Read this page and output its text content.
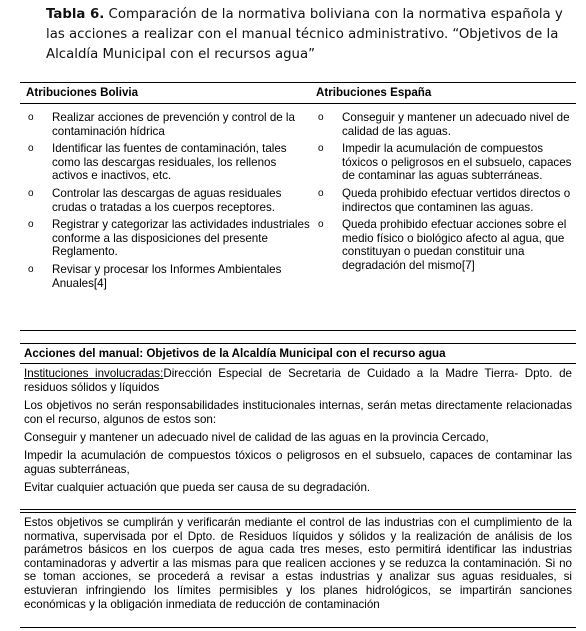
Tabla 6. Comparación de la normativa boliviana con la normativa española y las acciones a realizar con el manual técnico administrativo. “Objetivos de la Alcaldía Municipal con el recursos agua”
Atribuciones Bolivia	Atribuciones España
o Realizar acciones de prevención y control de la contaminación hídrica
o Identificar las fuentes de contaminación, tales como las descargas residuales, los rellenos activos e inactivos, etc.
o Controlar las descargas de aguas residuales crudas o tratadas a los cuerpos receptores.
o Registrar y categorizar las actividades industriales conforme a las disposiciones del presente Reglamento.
o Revisar y procesar los Informes Ambientales Anuales[4]
o Conseguir y mantener un adecuado nivel de calidad de las aguas.
o Impedir la acumulación de compuestos tóxicos o peligrosos en el subsuelo, capaces de contaminar las aguas subterráneas.
o Queda prohibido efectuar vertidos directos o indirectos que contaminen las aguas.
o Queda prohibido efectuar acciones sobre el medio físico o biológico afecto al agua, que constituyan o puedan constituir una degradación del mismo[7]
Acciones del manual: Objetivos de la Alcaldía Municipal con el recurso agua

Instituciones involucradas:Dirección Especial de Secretaria de Cuidado a la Madre Tierra- Dpto. de residuos sólidos y líquidos

Los objetivos no serán responsabilidades institucionales internas, serán metas directamente relacionadas con el recurso, algunos de estos son:

Conseguir y mantener un adecuado nivel de calidad de las aguas en la provincia Cercado,

Impedir la acumulación de compuestos tóxicos o peligrosos en el subsuelo, capaces de contaminar las aguas subterráneas,

Evitar cualquier actuación que pueda ser causa de su degradación.

Estos objetivos se cumplirán y verificarán mediante el control de las industrias con el cumplimiento de la normativa, supervisada por el Dpto. de Residuos líquidos y sólidos y la realización de análisis de los parámetros básicos en los cuerpos de agua cada tres meses, esto permitirá identificar las industrias contaminadoras y advertir a las mismas para que realicen acciones y se reduzca la contaminación. Si no se toman acciones, se procederá a revisar a estas industrias y analizar sus aguas residuales, si estuvieran infringiendo los límites permisibles y los planes hidrológicos, se impartirán sanciones económicas y la obligación inmediata de reducción de contaminación
